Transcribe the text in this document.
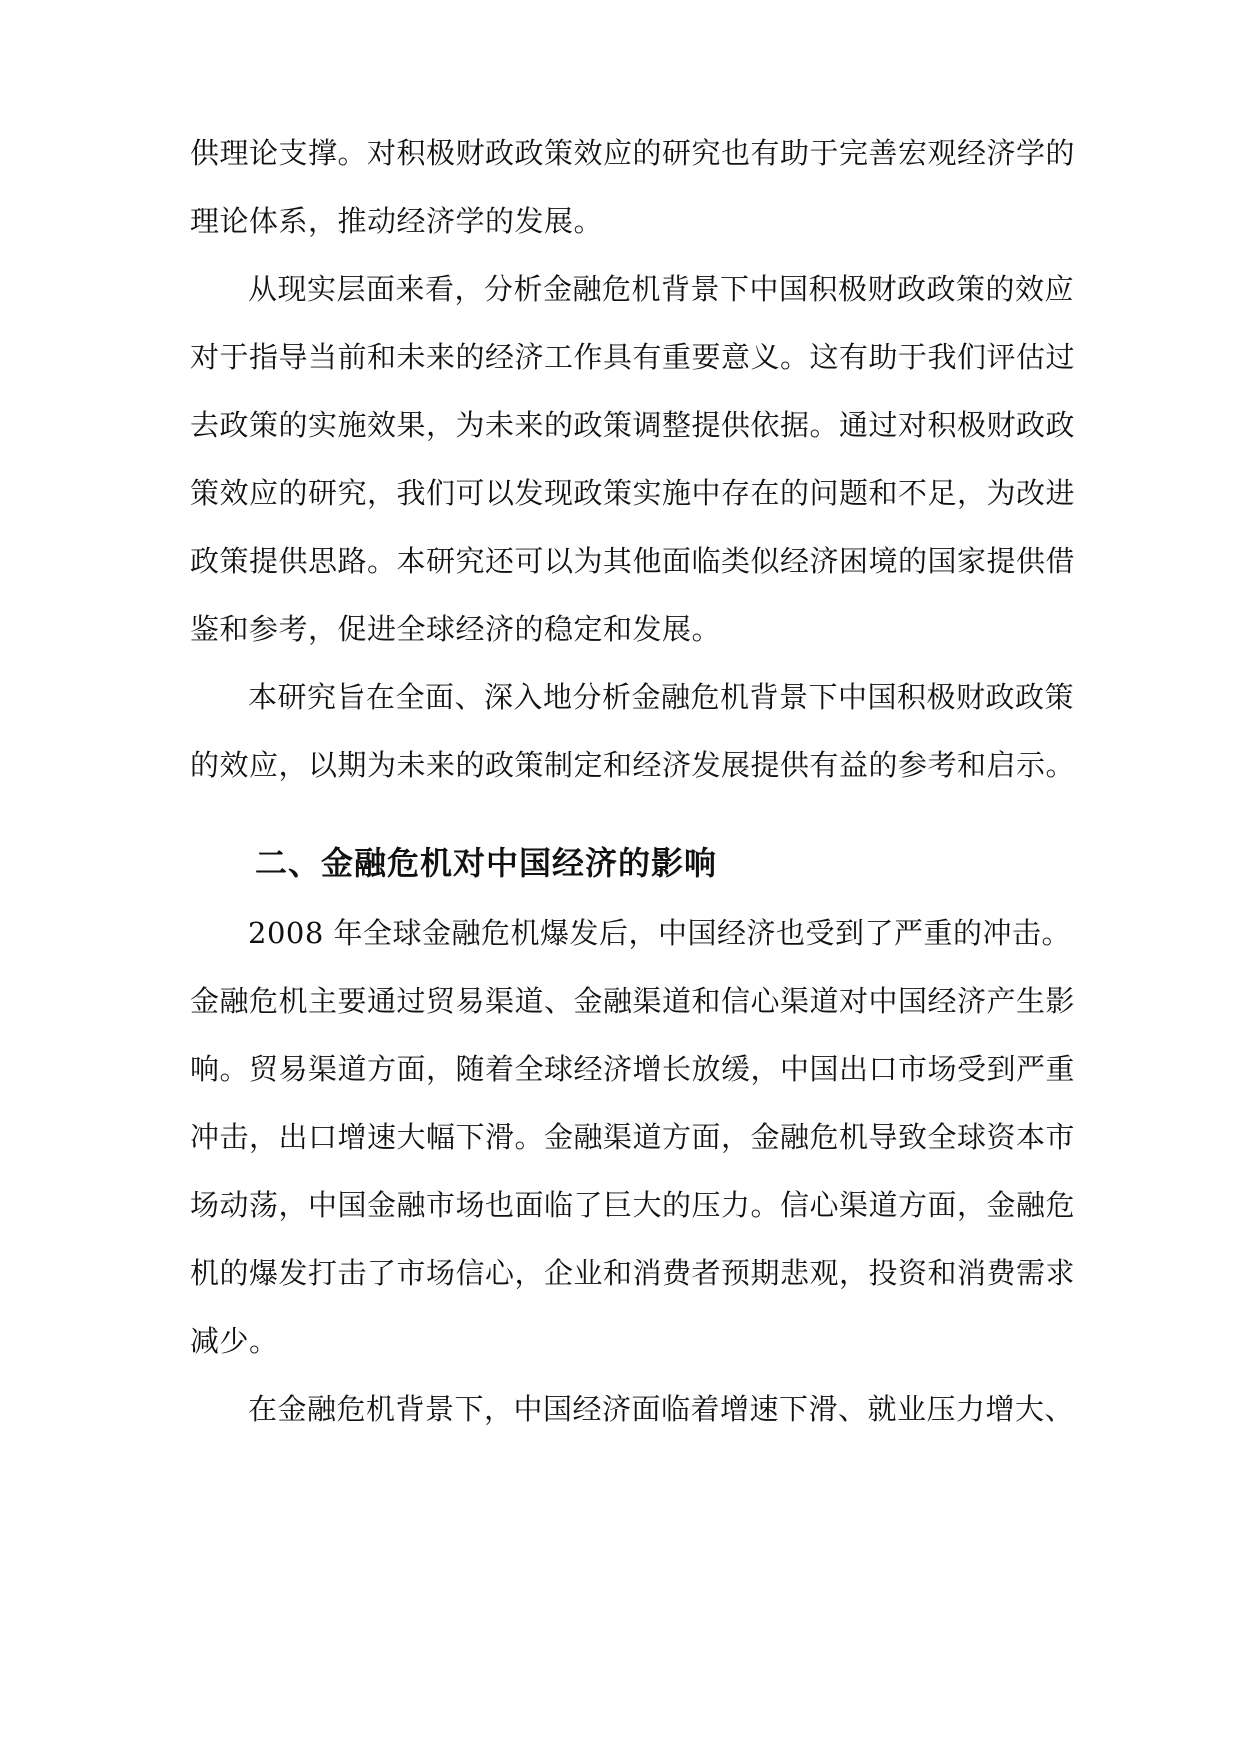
供理论支撑。对积极财政政策效应的研究也有助于完善宏观经济学的
理论体系，推动经济学的发展。
从现实层面来看，分析金融危机背景下中国积极财政政策的效应
对于指导当前和未来的经济工作具有重要意义。这有助于我们评估过
去政策的实施效果，为未来的政策调整提供依据。通过对积极财政政
策效应的研究，我们可以发现政策实施中存在的问题和不足，为改进
政策提供思路。本研究还可以为其他面临类似经济困境的国家提供借
鉴和参考，促进全球经济的稳定和发展。
本研究旨在全面、深入地分析金融危机背景下中国积极财政政策
的效应，以期为未来的政策制定和经济发展提供有益的参考和启示。
二、金融危机对中国经济的影响
2008 年全球金融危机爆发后，中国经济也受到了严重的冲击。
金融危机主要通过贸易渠道、金融渠道和信心渠道对中国经济产生影
响。贸易渠道方面，随着全球经济增长放缓，中国出口市场受到严重
冲击，出口增速大幅下滑。金融渠道方面，金融危机导致全球资本市
场动荡，中国金融市场也面临了巨大的压力。信心渠道方面，金融危
机的爆发打击了市场信心，企业和消费者预期悲观，投资和消费需求
减少。
在金融危机背景下，中国经济面临着增速下滑、就业压力增大、
